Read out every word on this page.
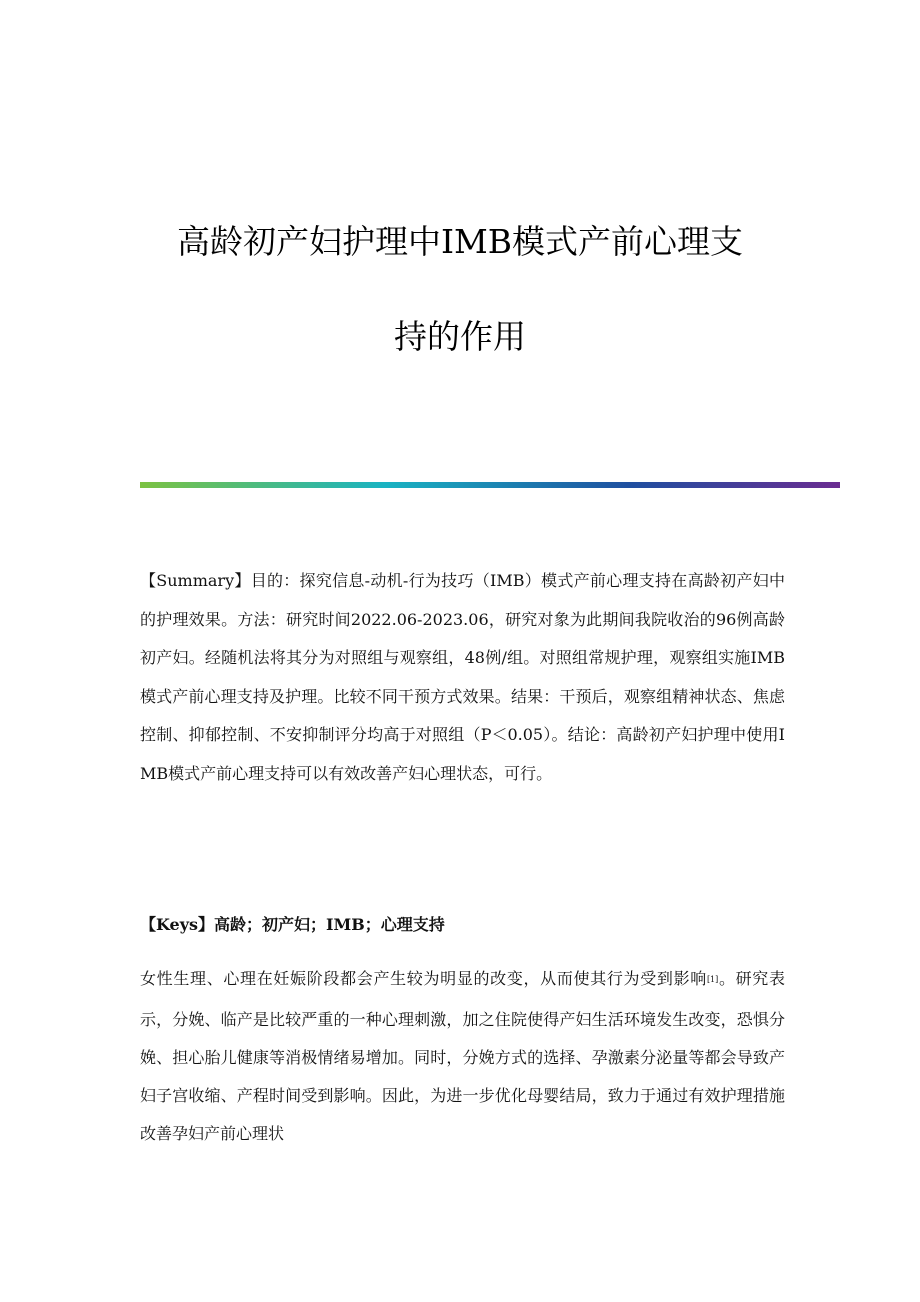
高龄初产妇护理中IMB模式产前心理支
持的作用
【Summary】目的：探究信息-动机-行为技巧（IMB）模式产前心理支持在高龄初产妇中的护理效果。方法：研究时间2022.06-2023.06，研究对象为此期间我院收治的96例高龄初产妇。经随机法将其分为对照组与观察组，48例/组。对照组常规护理，观察组实施IMB模式产前心理支持及护理。比较不同干预方式效果。结果：干预后，观察组精神状态、焦虑控制、抑郁控制、不安抑制评分均高于对照组（P＜0.05）。结论：高龄初产妇护理中使用IMB模式产前心理支持可以有效改善产妇心理状态，可行。
【Keys】高龄；初产妇；IMB；心理支持
女性生理、心理在妊娠阶段都会产生较为明显的改变，从而使其行为受到影响[1]。研究表示，分娩、临产是比较严重的一种心理刺激，加之住院使得产妇生活环境发生改变，恐惧分娩、担心胎儿健康等消极情绪易增加。同时，分娩方式的选择、孕激素分泌量等都会导致产妇子宫收缩、产程时间受到影响。因此，为进一步优化母婴结局，致力于通过有效护理措施改善孕妇产前心理状
